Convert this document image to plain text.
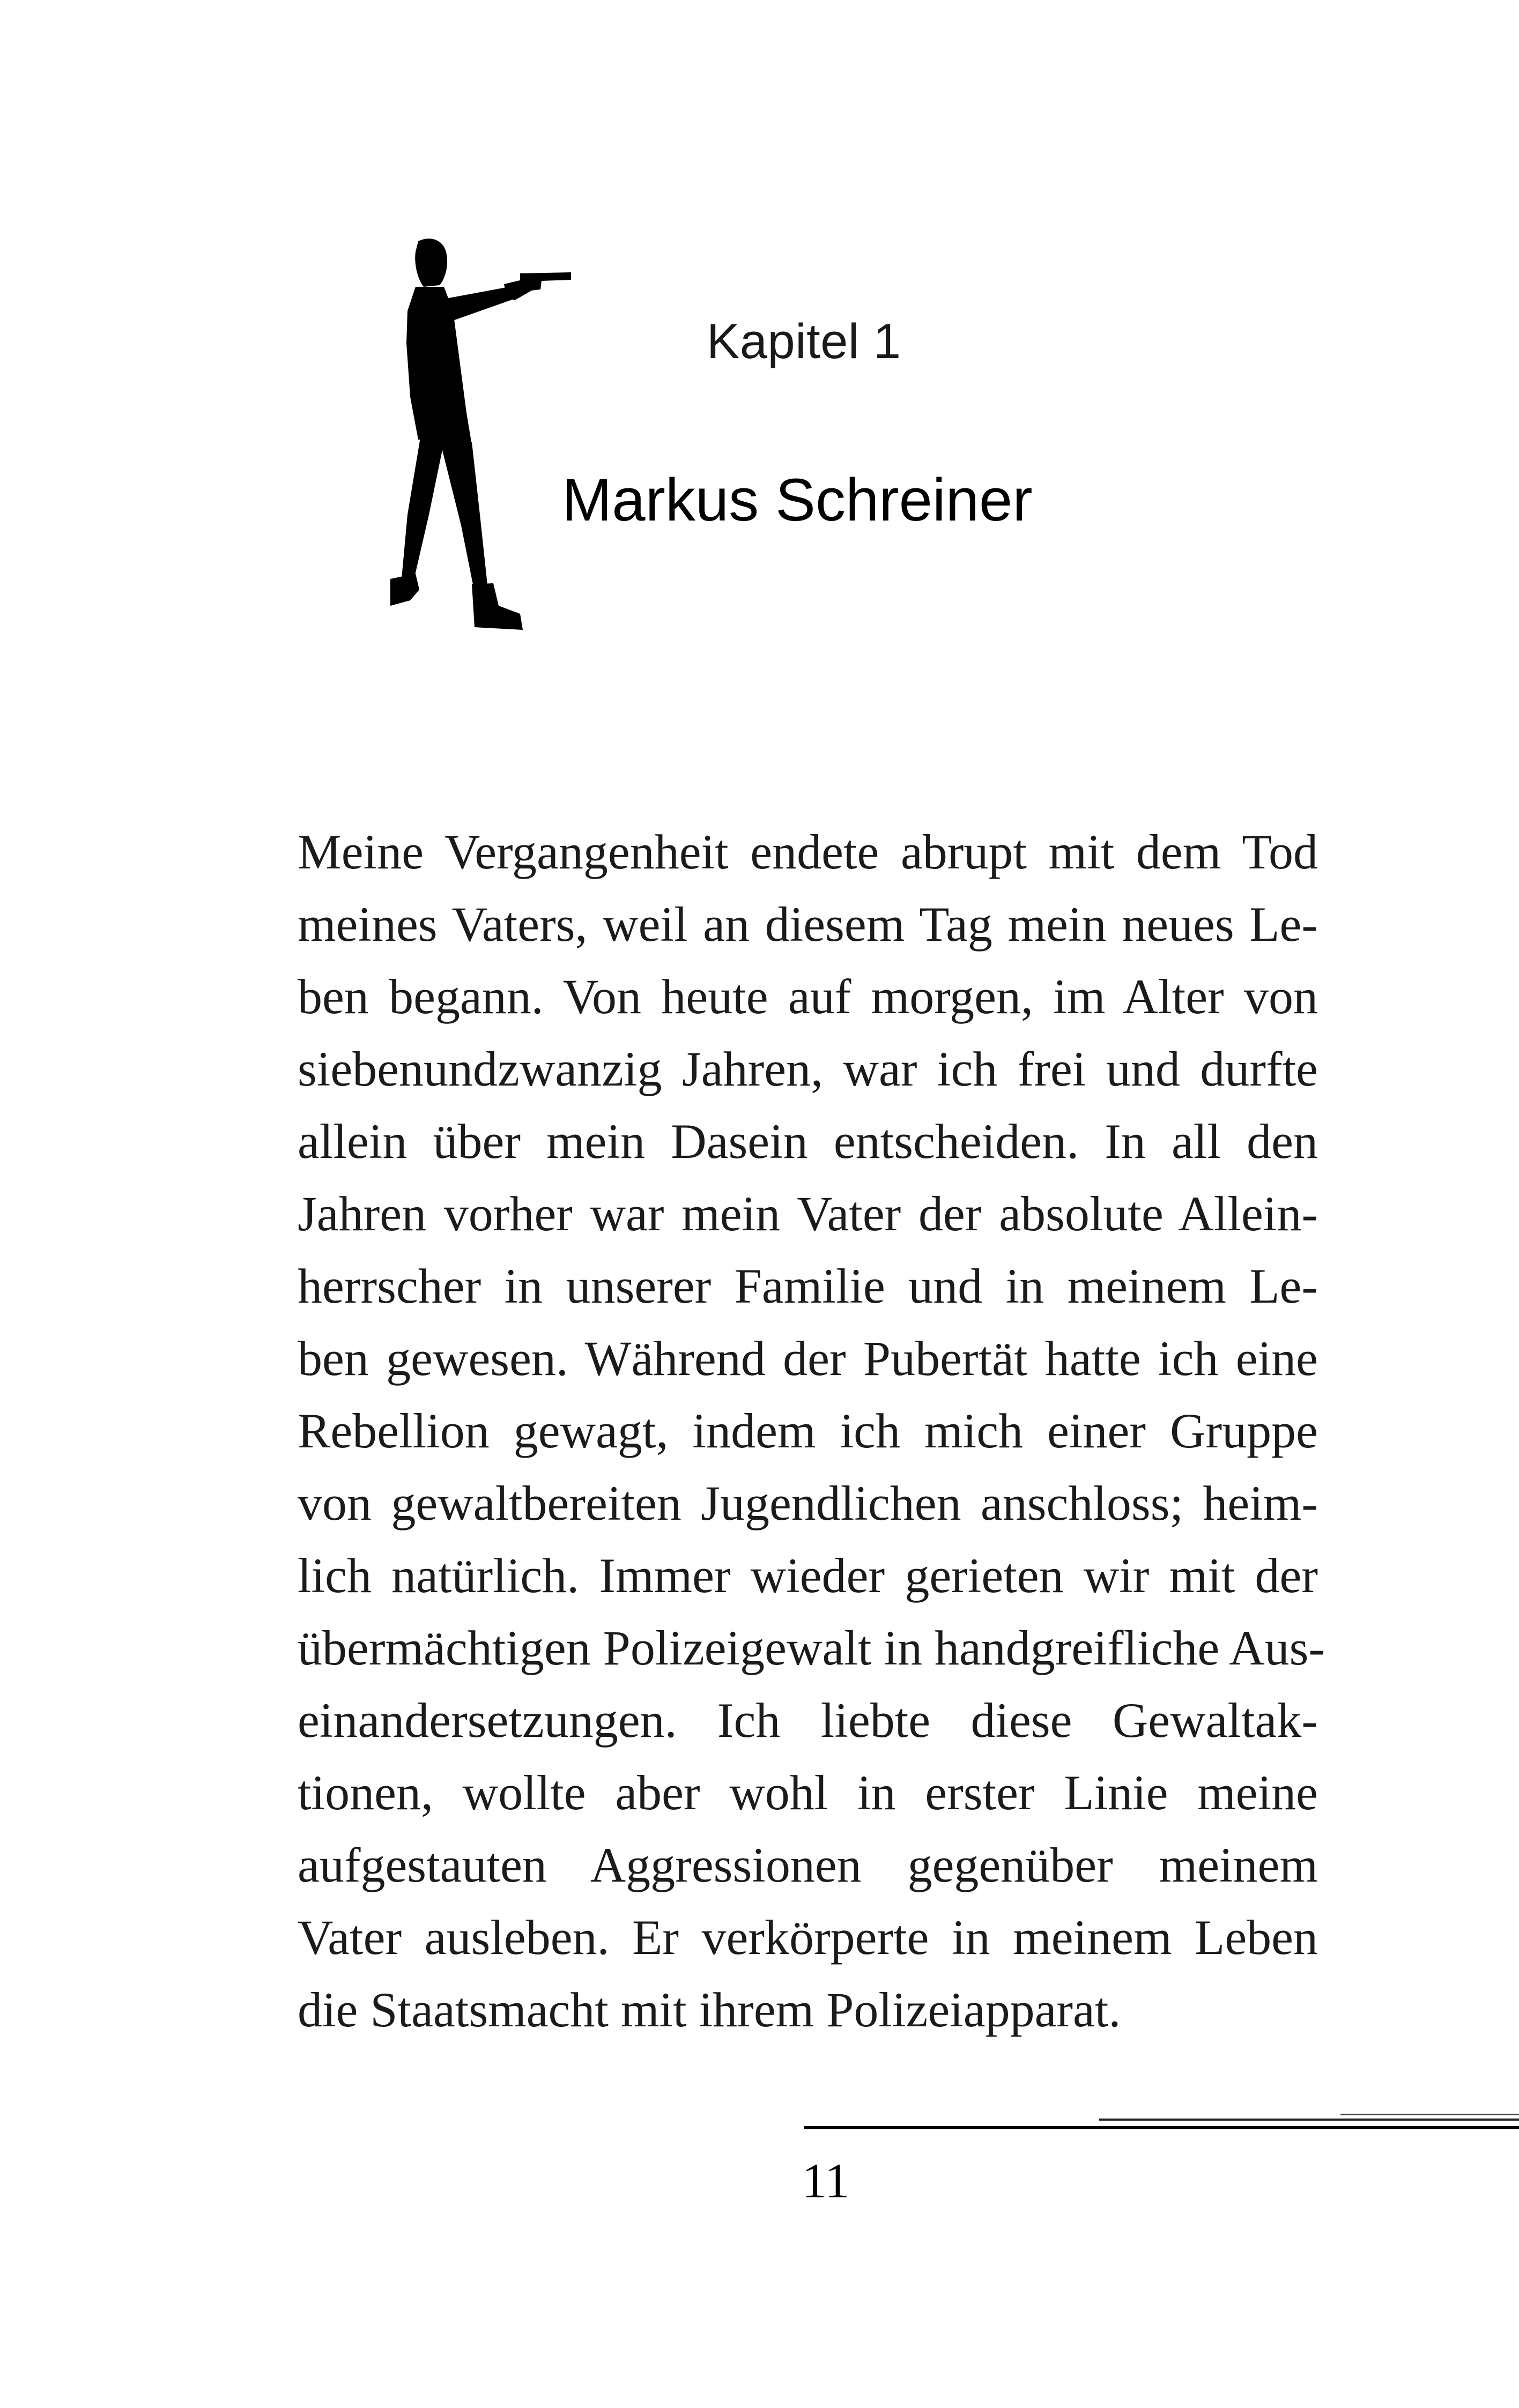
Kapitel 1
Markus Schreiner
Meine Vergangenheit endete abrupt mit dem Tod
meines Vaters, weil an diesem Tag mein neues Le-
ben begann. Von heute auf morgen, im Alter von
siebenundzwanzig Jahren, war ich frei und durfte
allein über mein Dasein entscheiden. In all den
Jahren vorher war mein Vater der absolute Allein-
herrscher in unserer Familie und in meinem Le-
ben gewesen. Während der Pubertät hatte ich eine
Rebellion gewagt, indem ich mich einer Gruppe
von gewaltbereiten Jugendlichen anschloss; heim-
lich natürlich. Immer wieder gerieten wir mit der
übermächtigen Polizeigewalt in handgreifliche Aus-
einandersetzungen. Ich liebte diese Gewaltak-
tionen, wollte aber wohl in erster Linie meine
aufgestauten Aggressionen gegenüber meinem
Vater ausleben. Er verkörperte in meinem Leben
die Staatsmacht mit ihrem Polizeiapparat.
11
